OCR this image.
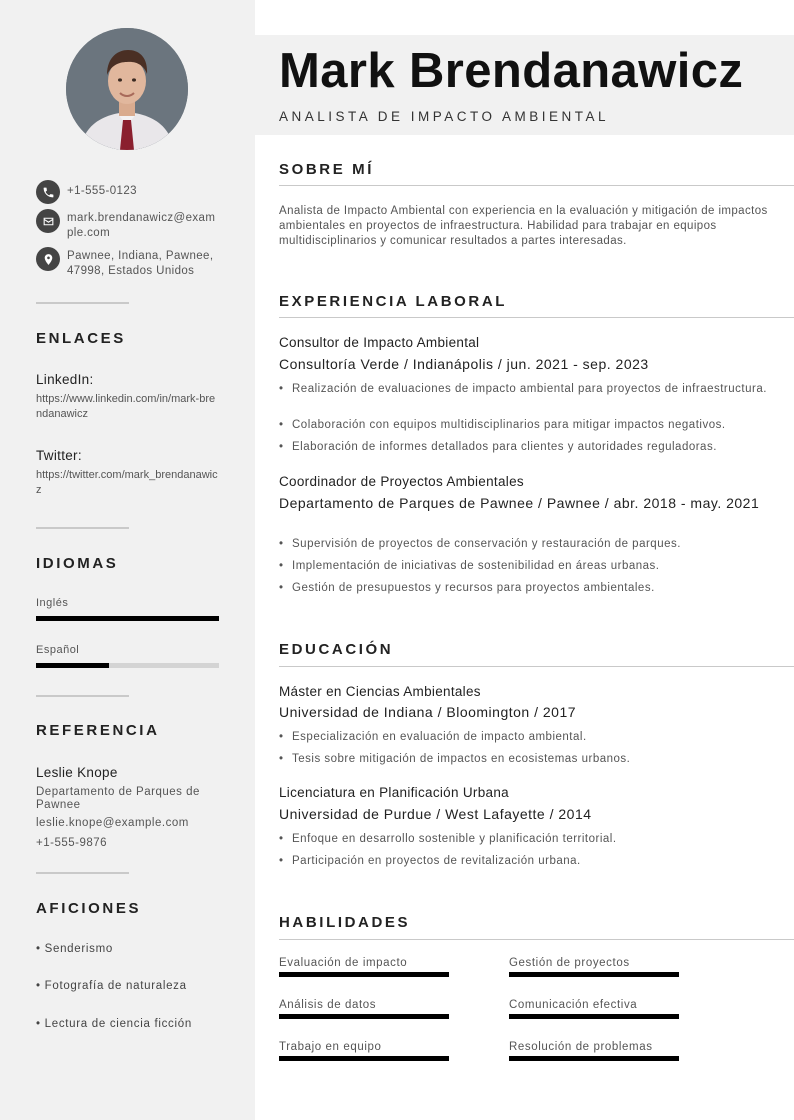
+1-555-0123
mark.brendanawicz@example.com
Pawnee, Indiana, Pawnee, 47998, Estados Unidos
ENLACES
LinkedIn:
https://www.linkedin.com/in/mark-brendanawicz
Twitter:
https://twitter.com/mark_brendanawicz
IDIOMAS
Inglés
Español
REFERENCIA
Leslie Knope
Departamento de Parques de Pawnee
leslie.knope@example.com
+1-555-9876
AFICIONES
• Senderismo
• Fotografía de naturaleza
• Lectura de ciencia ficción
Mark Brendanawicz
ANALISTA DE IMPACTO AMBIENTAL
SOBRE MÍ
Analista de Impacto Ambiental con experiencia en la evaluación y mitigación de impactos ambientales en proyectos de infraestructura. Habilidad para trabajar en equipos multidisciplinarios y comunicar resultados a partes interesadas.
EXPERIENCIA LABORAL
Consultor de Impacto Ambiental
Consultoría Verde / Indianápolis / jun. 2021 - sep. 2023
• Realización de evaluaciones de impacto ambiental para proyectos de infraestructura.
• Colaboración con equipos multidisciplinarios para mitigar impactos negativos.
• Elaboración de informes detallados para clientes y autoridades reguladoras.
Coordinador de Proyectos Ambientales
Departamento de Parques de Pawnee / Pawnee / abr. 2018 - may. 2021
• Supervisión de proyectos de conservación y restauración de parques.
• Implementación de iniciativas de sostenibilidad en áreas urbanas.
• Gestión de presupuestos y recursos para proyectos ambientales.
EDUCACIÓN
Máster en Ciencias Ambientales
Universidad de Indiana / Bloomington / 2017
• Especialización en evaluación de impacto ambiental.
• Tesis sobre mitigación de impactos en ecosistemas urbanos.
Licenciatura en Planificación Urbana
Universidad de Purdue / West Lafayette / 2014
• Enfoque en desarrollo sostenible y planificación territorial.
• Participación en proyectos de revitalización urbana.
HABILIDADES
Evaluación de impacto	Gestión de proyectos
Análisis de datos	Comunicación efectiva
Trabajo en equipo	Resolución de problemas
